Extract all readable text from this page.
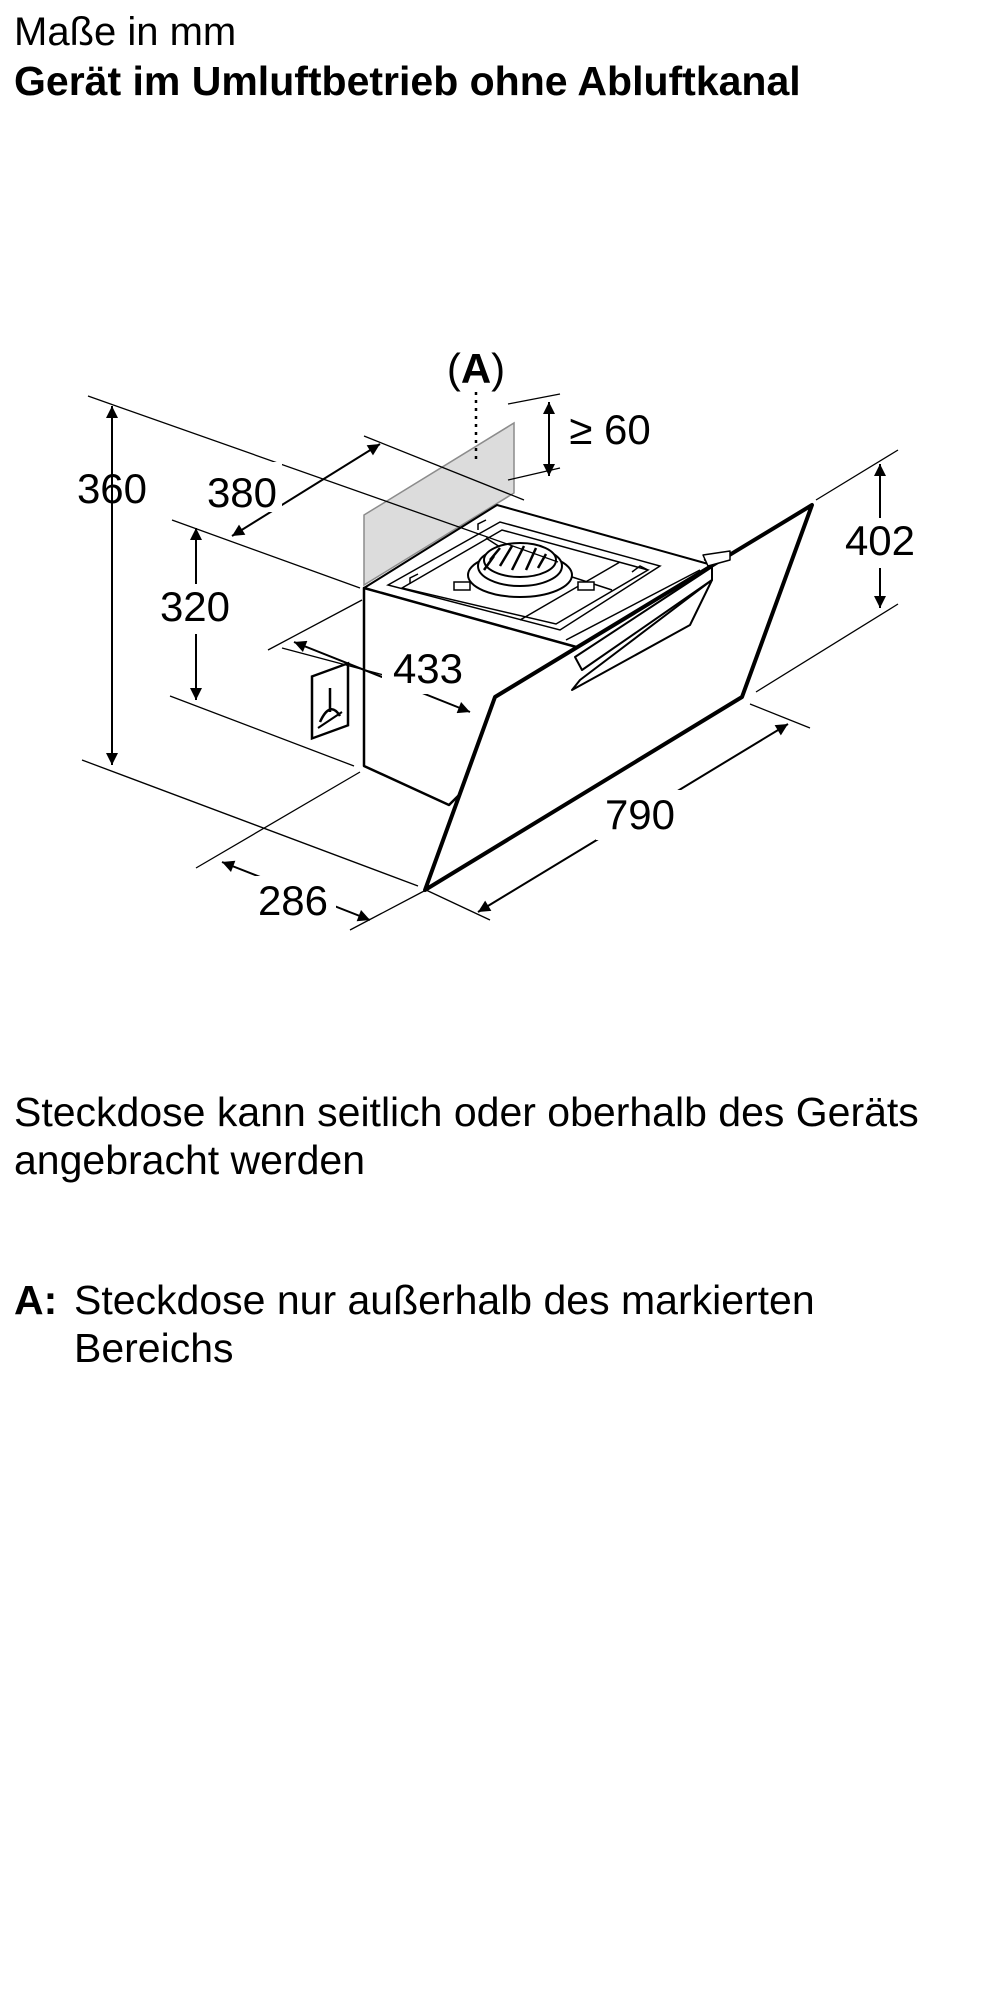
Maße in mm

Gerät im Umluftbetrieb ohne Abluftkanal

(A)
360 380
320
≥ 60
402
433
790
286
Steckdose kann seitlich oder oberhalb des Geräts angebracht werden
A: Steckdose nur außerhalb des markierten Bereichs
